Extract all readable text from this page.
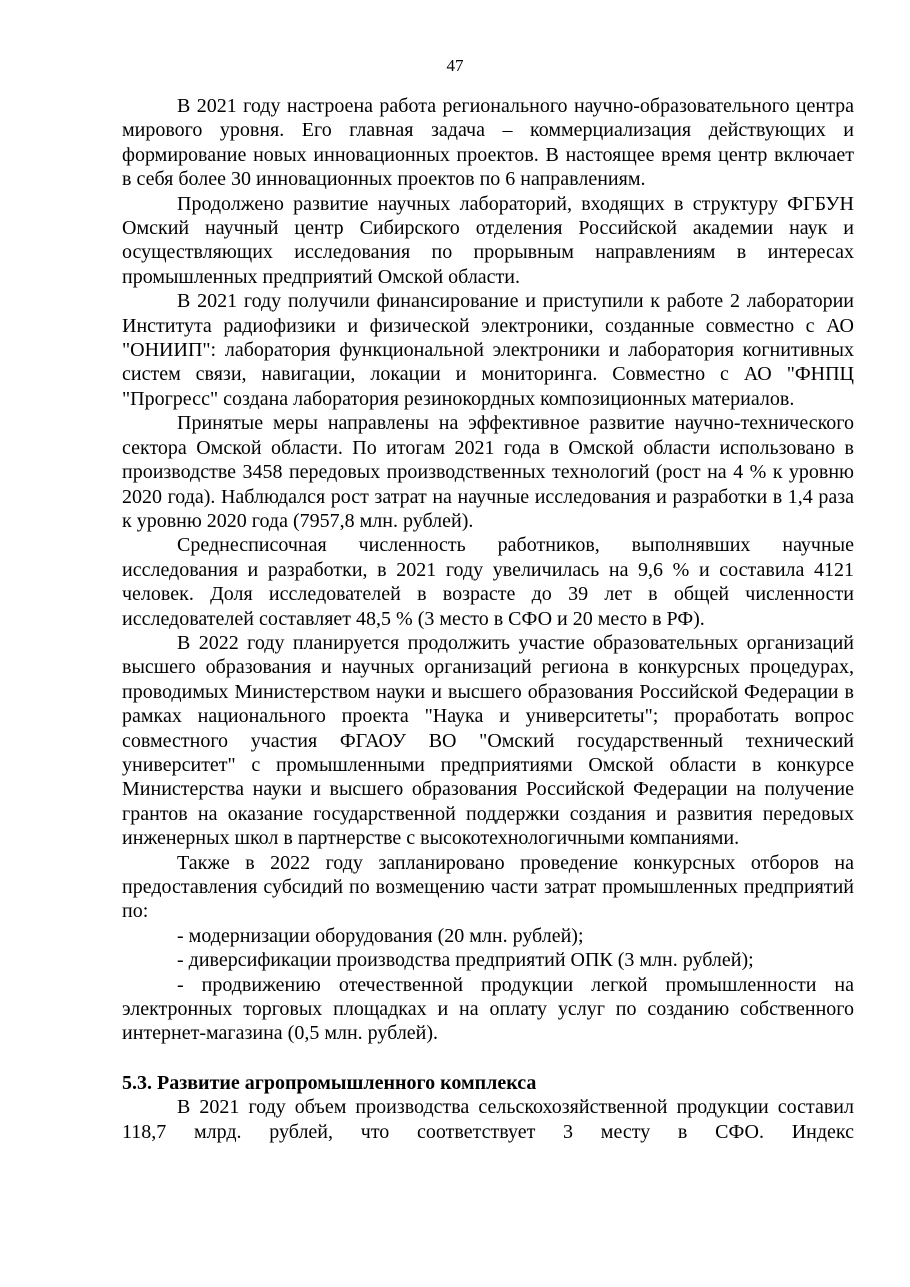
47

В 2021 году настроена работа регионального научно-образовательного центра мирового уровня. Его главная задача – коммерциализация действующих и формирование новых инновационных проектов. В настоящее время центр включает в себя более 30 инновационных проектов по 6 направлениям.

Продолжено развитие научных лабораторий, входящих в структуру ФГБУН Омский научный центр Сибирского отделения Российской академии наук и осуществляющих исследования по прорывным направлениям в интересах промышленных предприятий Омской области.

В 2021 году получили финансирование и приступили к работе 2 лаборатории Института радиофизики и физической электроники, созданные совместно с АО "ОНИИП": лаборатория функциональной электроники и лаборатория когнитивных систем связи, навигации, локации и мониторинга. Совместно с АО "ФНПЦ "Прогресс" создана лаборатория резинокордных композиционных материалов.

Принятые меры направлены на эффективное развитие научно-технического сектора Омской области. По итогам 2021 года в Омской области использовано в производстве 3458 передовых производственных технологий (рост на 4 % к уровню 2020 года). Наблюдался рост затрат на научные исследования и разработки в 1,4 раза к уровню 2020 года (7957,8 млн. рублей).

Среднесписочная численность работников, выполнявших научные исследования и разработки, в 2021 году увеличилась на 9,6 % и составила 4121 человек. Доля исследователей в возрасте до 39 лет в общей численности исследователей составляет 48,5 % (3 место в СФО и 20 место в РФ).

В 2022 году планируется продолжить участие образовательных организаций высшего образования и научных организаций региона в конкурсных процедурах, проводимых Министерством науки и высшего образования Российской Федерации в рамках национального проекта "Наука и университеты"; проработать вопрос совместного участия ФГАОУ ВО "Омский государственный технический университет" с промышленными предприятиями Омской области в конкурсе Министерства науки и высшего образования Российской Федерации на получение грантов на оказание государственной поддержки создания и развития передовых инженерных школ в партнерстве с высокотехнологичными компаниями.

Также в 2022 году запланировано проведение конкурсных отборов на предоставления субсидий по возмещению части затрат промышленных предприятий по:

- модернизации оборудования (20 млн. рублей);

- диверсификации производства предприятий ОПК (3 млн. рублей);

- продвижению отечественной продукции легкой промышленности на электронных торговых площадках и на оплату услуг по созданию собственного интернет-магазина (0,5 млн. рублей).

5.3. Развитие агропромышленного комплекса

В 2021 году объем производства сельскохозяйственной продукции составил 118,7 млрд. рублей, что соответствует 3 месту в СФО. Индекс
